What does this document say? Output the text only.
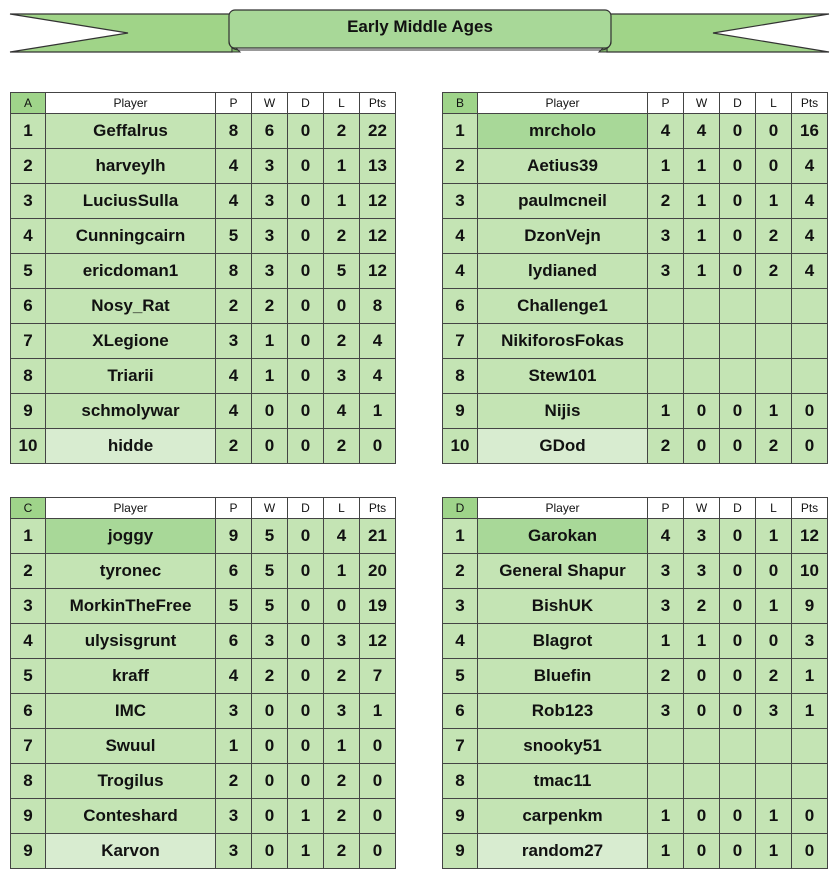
Early Middle Ages
A	Player	P	W	D	L	Pts
1	Geffalrus	8	6	0	2	22
2	harveylh	4	3	0	1	13
3	LuciusSulla	4	3	0	1	12
4	Cunningcairn	5	3	0	2	12
5	ericdoman1	8	3	0	5	12
6	Nosy_Rat	2	2	0	0	8
7	XLegione	3	1	0	2	4
8	Triarii	4	1	0	3	4
9	schmolywar	4	0	0	4	1
10	hidde	2	0	0	2	0
B	Player	P	W	D	L	Pts
1	mrcholo	4	4	0	0	16
2	Aetius39	1	1	0	0	4
3	paulmcneil	2	1	0	1	4
4	DzonVejn	3	1	0	2	4
4	lydianed	3	1	0	2	4
6	Challenge1					
7	NikiforosFokas					
8	Stew101					
9	Nijis	1	0	0	1	0
10	GDod	2	0	0	2	0
C	Player	P	W	D	L	Pts
1	joggy	9	5	0	4	21
2	tyronec	6	5	0	1	20
3	MorkinTheFree	5	5	0	0	19
4	ulysisgrunt	6	3	0	3	12
5	kraff	4	2	0	2	7
6	IMC	3	0	0	3	1
7	Swuul	1	0	0	1	0
8	Trogilus	2	0	0	2	0
9	Conteshard	3	0	1	2	0
9	Karvon	3	0	1	2	0
D	Player	P	W	D	L	Pts
1	Garokan	4	3	0	1	12
2	General Shapur	3	3	0	0	10
3	BishUK	3	2	0	1	9
4	Blagrot	1	1	0	0	3
5	Bluefin	2	0	0	2	1
6	Rob123	3	0	0	3	1
7	snooky51					
8	tmac11					
9	carpenkm	1	0	0	1	0
9	random27	1	0	0	1	0
